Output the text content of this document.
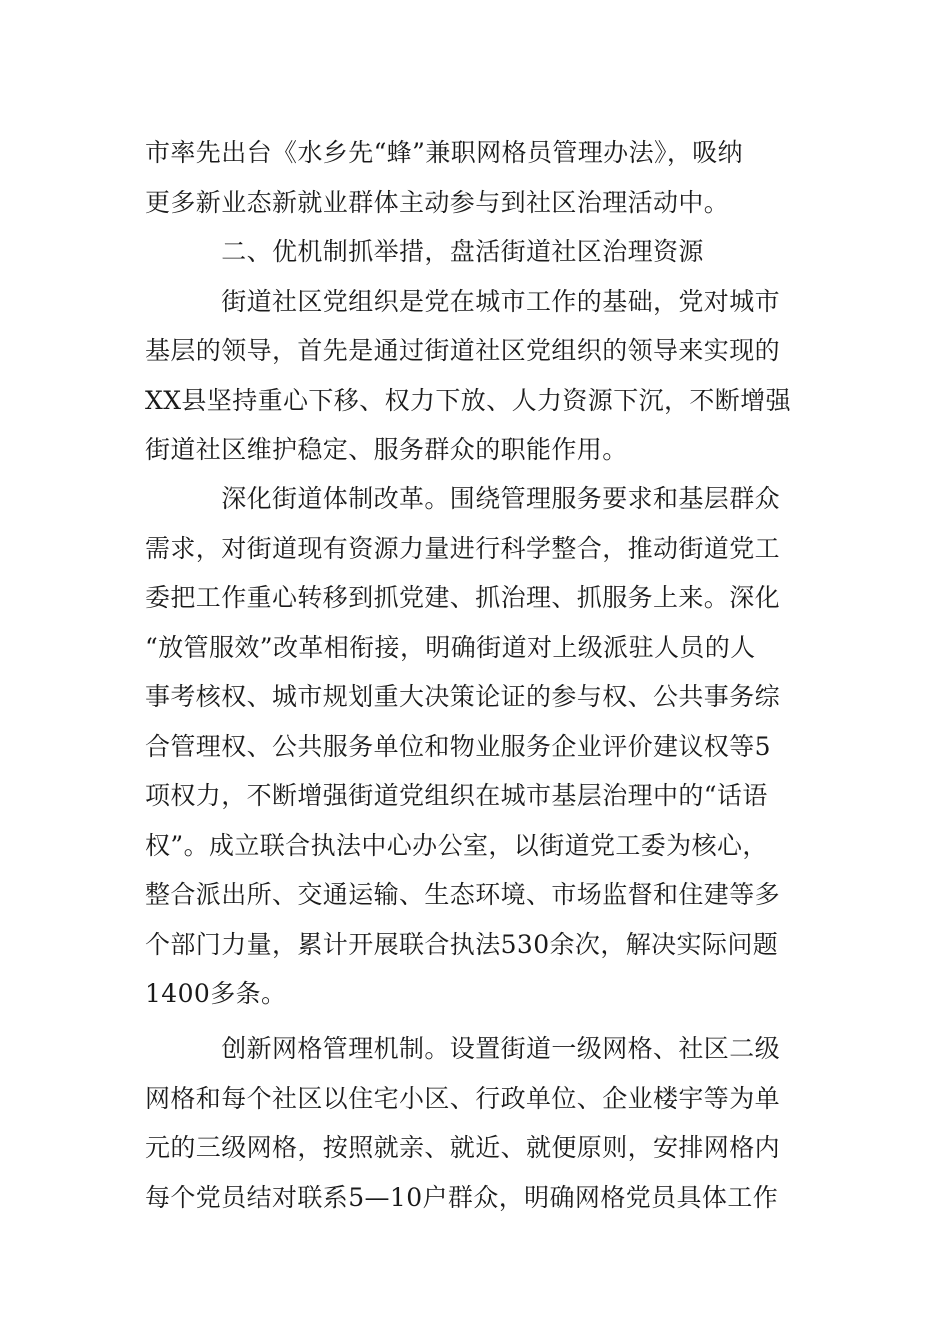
市率先出台《水乡先“蜂”兼职网格员管理办法》，吸纳
更多新业态新就业群体主动参与到社区治理活动中。
　　　二、优机制抓举措，盘活街道社区治理资源
　　　街道社区党组织是党在城市工作的基础，党对城市
基层的领导，首先是通过街道社区党组织的领导来实现的
XX县坚持重心下移、权力下放、人力资源下沉，不断增强
街道社区维护稳定、服务群众的职能作用。
　　　深化街道体制改革。围绕管理服务要求和基层群众
需求，对街道现有资源力量进行科学整合，推动街道党工
委把工作重心转移到抓党建、抓治理、抓服务上来。深化
“放管服效”改革相衔接，明确街道对上级派驻人员的人
事考核权、城市规划重大决策论证的参与权、公共事务综
合管理权、公共服务单位和物业服务企业评价建议权等5
项权力，不断增强街道党组织在城市基层治理中的“话语
权”。成立联合执法中心办公室，以街道党工委为核心，
整合派出所、交通运输、生态环境、市场监督和住建等多
个部门力量，累计开展联合执法530余次，解决实际问题
1400多条。
　　　创新网格管理机制。设置街道一级网格、社区二级
网格和每个社区以住宅小区、行政单位、企业楼宇等为单
元的三级网格，按照就亲、就近、就便原则，安排网格内
每个党员结对联系5—10户群众，明确网格党员具体工作
